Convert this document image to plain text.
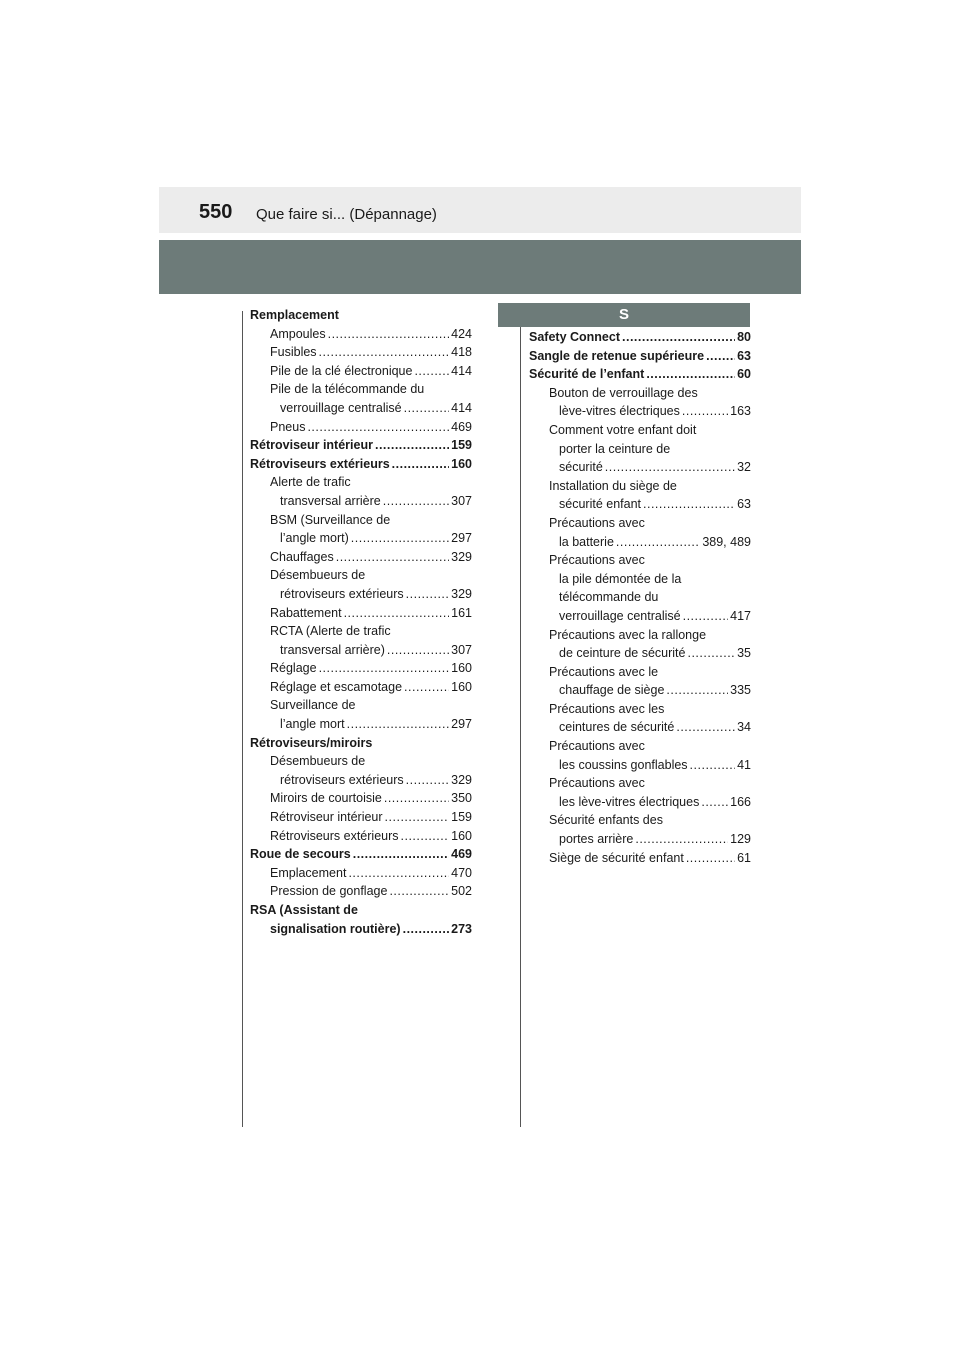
550 Que faire si... (Dépannage)
S
Remplacement
Ampoules .....	424
Fusibles .....	418
Pile de la clé électronique .....	414
Pile de la télécommande du
verrouillage centralisé .....	414
Pneus .....	469
Rétroviseur intérieur .....	159
Rétroviseurs extérieurs .....	160
Alerte de trafic
transversal arrière .....	307
BSM (Surveillance de
l’angle mort) .....	297
Chauffages .....	329
Désembueurs de
rétroviseurs extérieurs .....	329
Rabattement .....	161
RCTA (Alerte de trafic
transversal arrière) .....	307
Réglage .....	160
Réglage et escamotage .....	160
Surveillance de
l’angle mort .....	297
Rétroviseurs/miroirs
Désembueurs de
rétroviseurs extérieurs .....	329
Miroirs de courtoisie .....	350
Rétroviseur intérieur .....	159
Rétroviseurs extérieurs .....	160
Roue de secours .....	469
Emplacement .....	470
Pression de gonflage .....	502
RSA (Assistant de
signalisation routière) .....	273
Safety Connect .....	80
Sangle de retenue supérieure .....	63
Sécurité de l’enfant .....	60
Bouton de verrouillage des
lève-vitres électriques .....	163
Comment votre enfant doit
porter la ceinture de
sécurité .....	32
Installation du siège de
sécurité enfant .....	63
Précautions avec
la batterie .....	389, 489
Précautions avec
la pile démontée de la
télécommande du
verrouillage centralisé .....	417
Précautions avec la rallonge
de ceinture de sécurité .....	35
Précautions avec le
chauffage de siège .....	335
Précautions avec les
ceintures de sécurité .....	34
Précautions avec
les coussins gonflables .....	41
Précautions avec
les lève-vitres électriques ..... 166
Sécurité enfants des
portes arrière .....	129
Siège de sécurité enfant .....	61
